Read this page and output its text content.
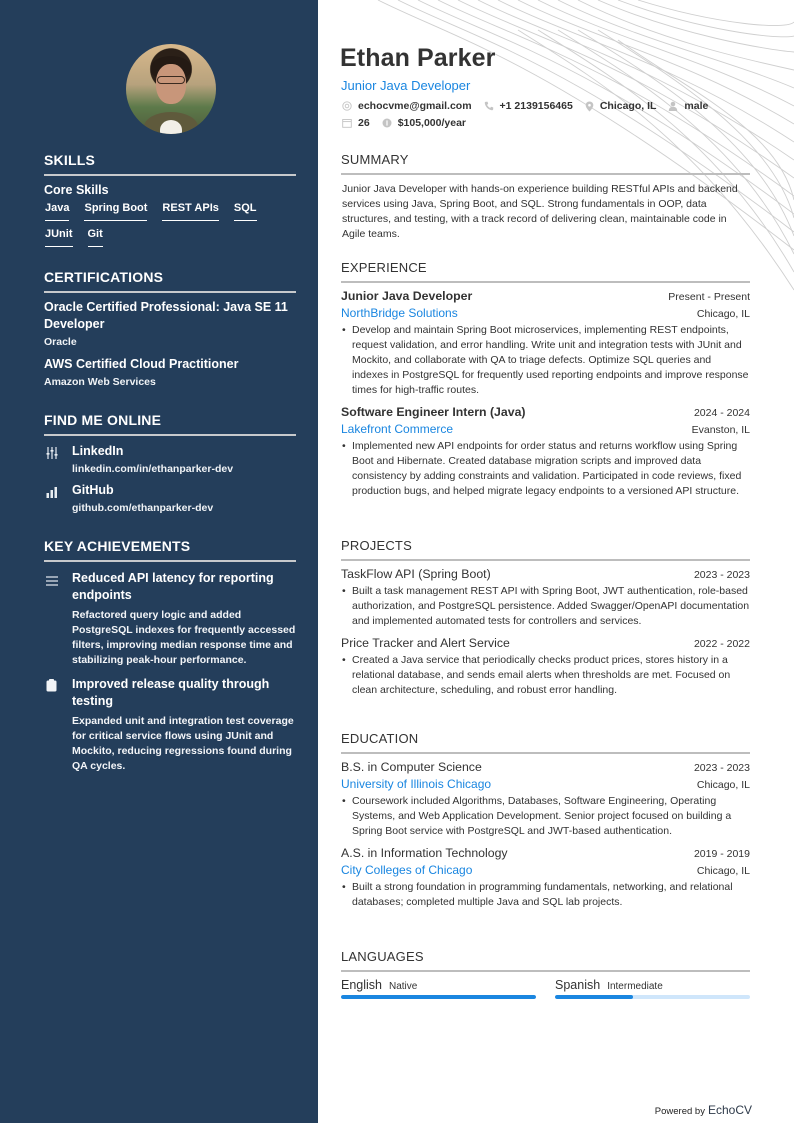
SKILLS
Core Skills
Java Spring Boot REST APIs SQL
JUnit Git
CERTIFICATIONS
Oracle Certified Professional: Java SE 11 Developer
Oracle
AWS Certified Cloud Practitioner
Amazon Web Services
FIND ME ONLINE
LinkedIn
linkedin.com/in/ethanparker-dev
GitHub
github.com/ethanparker-dev
KEY ACHIEVEMENTS
Reduced API latency for reporting endpoints
Refactored query logic and added PostgreSQL indexes for frequently accessed filters, improving median response time and stabilizing peak-hour performance.
Improved release quality through testing
Expanded unit and integration test coverage for critical service flows using JUnit and Mockito, reducing regressions found during QA cycles.
Ethan Parker
Junior Java Developer
echocvme@gmail.com	+1 2139156465	Chicago, IL	male
26	$105,000/year
SUMMARY

Junior Java Developer with hands-on experience building RESTful APIs and backend services using Java, Spring Boot, and SQL. Strong fundamentals in OOP, data structures, and testing, with a track record of delivering clean, maintainable code in Agile teams.

EXPERIENCE
Junior Java Developer	Present - Present
NorthBridge Solutions	Chicago, IL
• Develop and maintain Spring Boot microservices, implementing REST endpoints, request validation, and error handling. Write unit and integration tests with JUnit and Mockito, and collaborate with QA to triage defects. Optimize SQL queries and indexes in PostgreSQL for frequently used reporting endpoints and improve response times for high-traffic routes.
Software Engineer Intern (Java)	2024 - 2024
Lakefront Commerce	Evanston, IL
• Implemented new API endpoints for order status and returns workflow using Spring Boot and Hibernate. Created database migration scripts and improved data consistency by adding constraints and validation. Participated in code reviews, fixed production bugs, and helped migrate legacy endpoints to a versioned API structure.
PROJECTS
TaskFlow API (Spring Boot)	2023 - 2023
• Built a task management REST API with Spring Boot, JWT authentication, role-based authorization, and PostgreSQL persistence. Added Swagger/OpenAPI documentation and implemented automated tests for controllers and services.
Price Tracker and Alert Service	2022 - 2022
• Created a Java service that periodically checks product prices, stores history in a relational database, and sends email alerts when thresholds are met. Focused on clean architecture, scheduling, and robust error handling.
EDUCATION
B.S. in Computer Science	2023 - 2023
University of Illinois Chicago	Chicago, IL
• Coursework included Algorithms, Databases, Software Engineering, Operating Systems, and Web Application Development. Senior project focused on building a Spring Boot service with PostgreSQL and JWT-based authentication.
A.S. in Information Technology	2019 - 2019
City Colleges of Chicago	Chicago, IL
• Built a strong foundation in programming fundamentals, networking, and relational databases; completed multiple Java and SQL lab projects.
LANGUAGES
English Native	Spanish Intermediate
Powered by EchoCV
